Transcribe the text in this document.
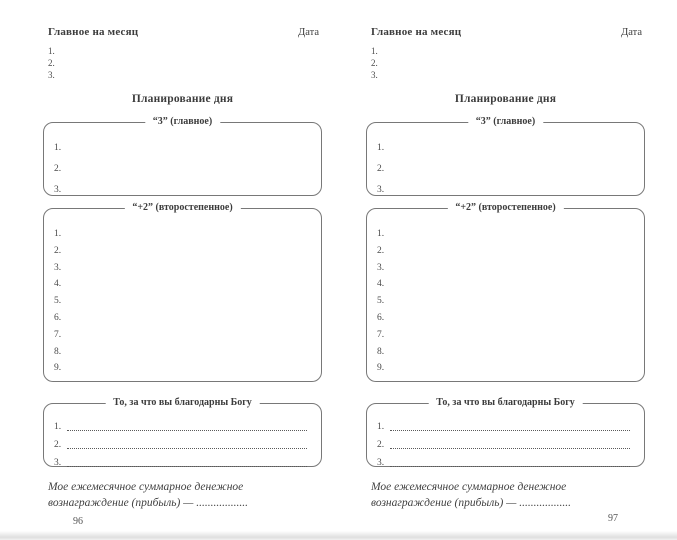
Главное на месяц	Дата
1.
2.
3.
Планирование дня
“3” (главное)
1.
2.
3.
“+2” (второстепенное)
1.
2.
3.
4.
5.
6.
7.
8.
9.
То, за что вы благодарны Богу
1.
2.
3.
Мое ежемесячное суммарное денежное
вознаграждение (прибыль) — ..................
96
Главное на месяц	Дата
1.
2.
3.
Планирование дня
“3” (главное)
1.
2.
3.
“+2” (второстепенное)
1.
2.
3.
4.
5.
6.
7.
8.
9.
То, за что вы благодарны Богу
1.
2.
3.
Мое ежемесячное суммарное денежное
вознаграждение (прибыль) — ..................
97
